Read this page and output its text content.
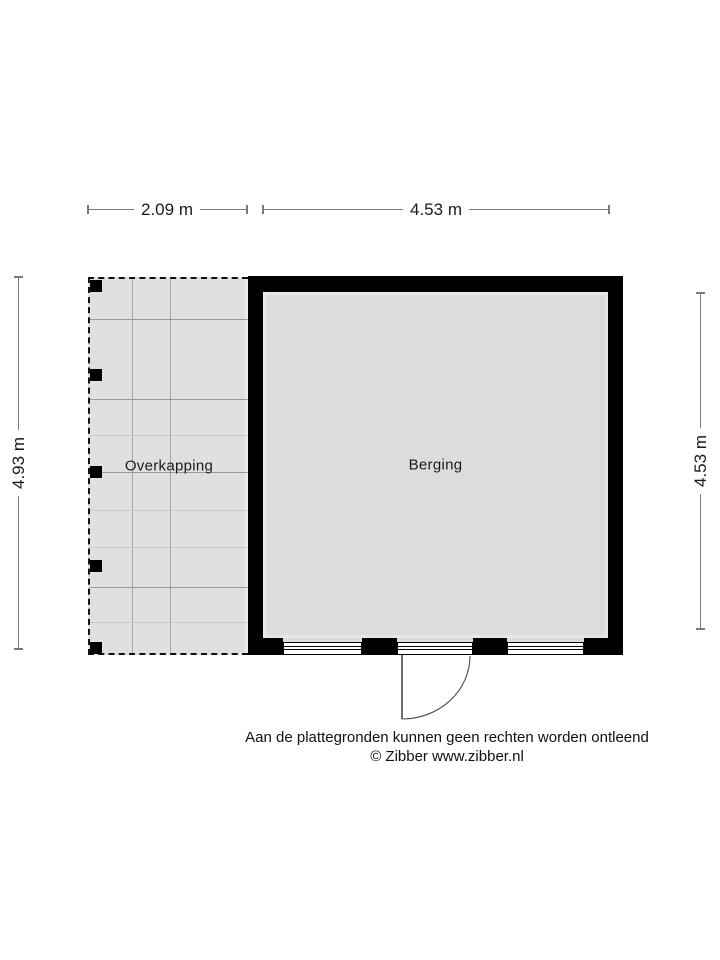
2.09 m	4.53 m
4.93 m	4.53 m
Overkapping	Berging
Aan de plattegronden kunnen geen rechten worden ontleend
© Zibber www.zibber.nl
